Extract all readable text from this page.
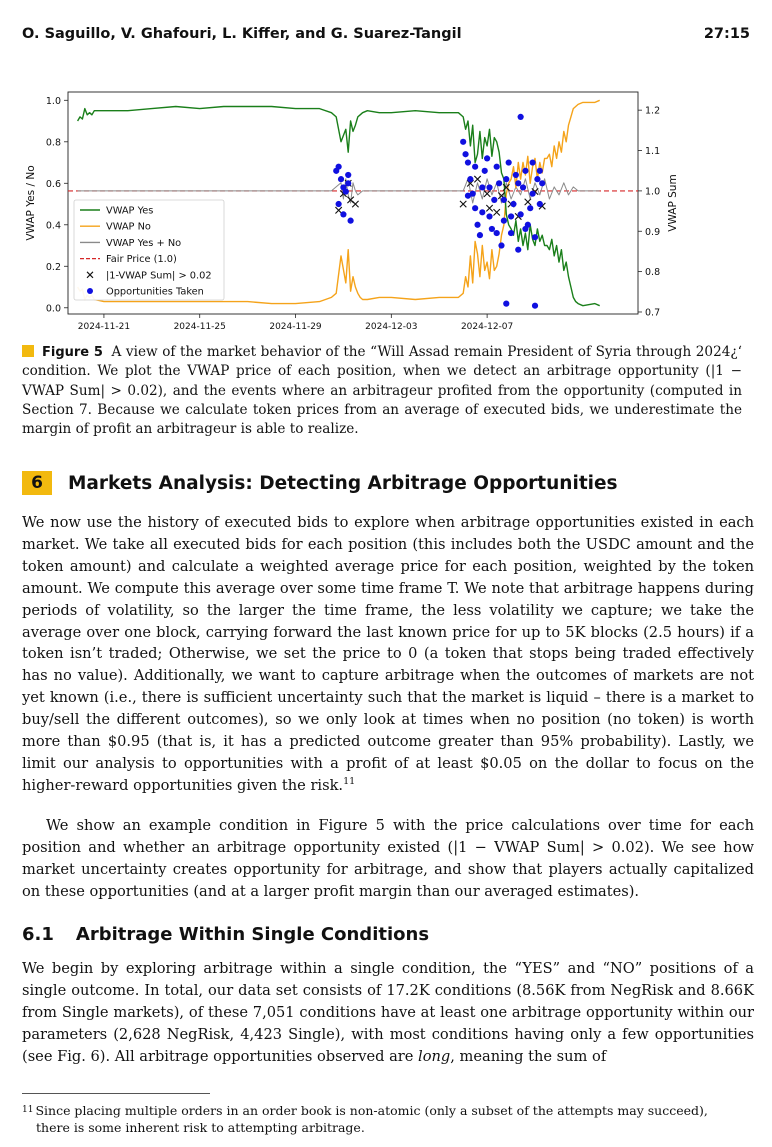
O. Saguillo, V. Ghafouri, L. Kiffer, and G. Suarez-Tangil	27:15
0.0
0.2
0.4
0.6
0.8
1.0
0.7
0.8
0.9
1.0
1.1
1.2
2024-11-21	2024-11-25	2024-11-29	2024-12-03	2024-12-07
VWAP Yes / No	VWAP Sum
VWAP Yes
VWAP No
VWAP Yes + No
Fair Price (1.0)
|1-VWAP Sum| > 0.02
Opportunities Taken
Figure 5 A view of the market behavior of the “Will Assad remain President of Syria through 2024¿‘ condition. We plot the VWAP price of each position, when we detect an arbitrage opportunity (|1 − VWAP Sum| > 0.02), and the events where an arbitrageur profited from the opportunity (computed in Section 7. Because we calculate token prices from an average of executed bids, we underestimate the margin of profit an arbitrageur is able to realize.
6 Markets Analysis: Detecting Arbitrage Opportunities

We now use the history of executed bids to explore when arbitrage opportunities existed in each market. We take all executed bids for each position (this includes both the USDC amount and the token amount) and calculate a weighted average price for each position, weighted by the token amount. We compute this average over some time frame T. We note that arbitrage happens during periods of volatility, so the larger the time frame, the less volatility we capture; we take the average over one block, carrying forward the last known price for up to 5K blocks (2.5 hours) if a token isn’t traded; Otherwise, we set the price to 0 (a token that stops being traded effectively has no value). Additionally, we want to capture arbitrage when the outcomes of markets are not yet known (i.e., there is sufficient uncertainty such that the market is liquid – there is a market to buy/sell the different outcomes), so we only look at times when no position (no token) is worth more than $0.95 (that is, it has a predicted outcome greater than 95% probability). Lastly, we limit our analysis to opportunities with a profit of at least $0.05 on the dollar to focus on the higher-reward opportunities given the risk.$^{11}$

We show an example condition in Figure 5 with the price calculations over time for each position and whether an arbitrage opportunity existed (|1 − VWAP Sum| > 0.02). We see how market uncertainty creates opportunity for arbitrage, and show that players actually capitalized on these opportunities (and at a larger profit margin than our averaged estimates).

6.1 Arbitrage Within Single Conditions

We begin by exploring arbitrage within a single condition, the “YES” and “NO” positions of a single outcome. In total, our data set consists of 17.2K conditions (8.56K from NegRisk and 8.66K from Single markets), of these 7,051 conditions have at least one arbitrage opportunity within our parameters (2,628 NegRisk, 4,423 Single), with most conditions having only a few opportunities (see Fig. 6). All arbitrage opportunities observed are long, meaning the sum of

$^{11}$ Since placing multiple orders in an order book is non-atomic (only a subset of the attempts may succeed),
there is some inherent risk to attempting arbitrage.
